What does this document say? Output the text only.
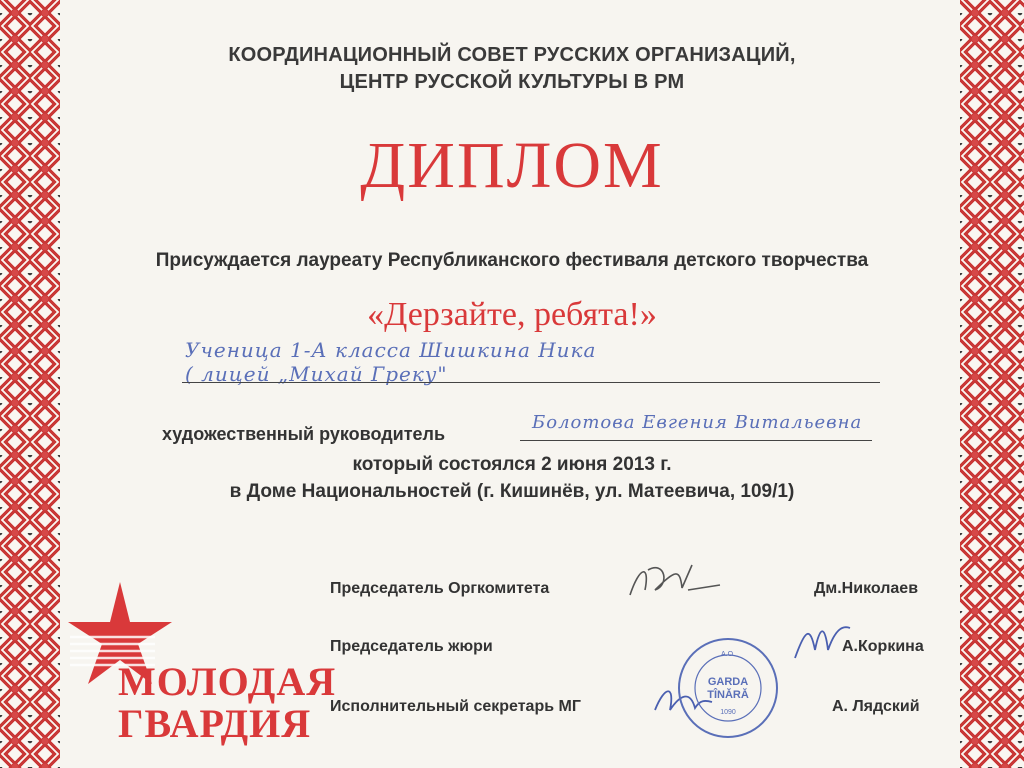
КООРДИНАЦИОННЫЙ СОВЕТ РУССКИХ ОРГАНИЗАЦИЙ,
ЦЕНТР РУССКОЙ КУЛЬТУРЫ В РМ
ДИПЛОМ
Присуждается лауреату Республиканского фестиваля детского творчества
«Дерзайте, ребята!»
Ученица 1-А класса Шишкина Ника
( лицей „Михай Греку"
художественный руководитель
Болотова Евгения Витальевна
который состоялся 2 июня 2013 г.
в Доме Национальностей (г. Кишинёв, ул. Матеевича, 109/1)
Председатель Оргкомитета	Дм.Николаев
Председатель жюри	А.Коркина
Исполнительный секретарь МГ	А. Лядский
A.O.
GARDA
TÎNĂRĂ
1090
МОЛОДАЯ
ГВАРДИЯ
